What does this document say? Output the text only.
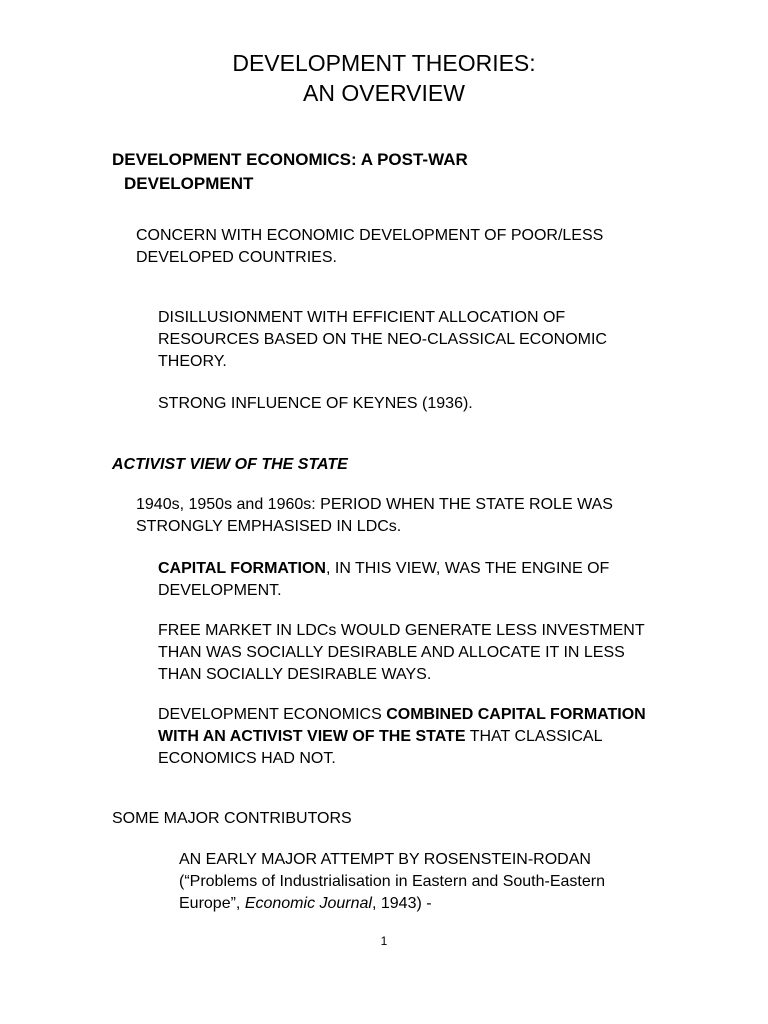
DEVELOPMENT THEORIES:
AN OVERVIEW
DEVELOPMENT ECONOMICS: A POST-WAR
DEVELOPMENT

CONCERN WITH ECONOMIC DEVELOPMENT OF POOR/LESS DEVELOPED COUNTRIES.

DISILLUSIONMENT WITH EFFICIENT ALLOCATION OF RESOURCES BASED ON THE NEO-CLASSICAL ECONOMIC THEORY.

STRONG INFLUENCE OF KEYNES (1936).

ACTIVIST VIEW OF THE STATE

1940s, 1950s and 1960s: PERIOD WHEN THE STATE ROLE WAS STRONGLY EMPHASISED IN LDCs.

CAPITAL FORMATION, IN THIS VIEW, WAS THE ENGINE OF DEVELOPMENT.

FREE MARKET IN LDCs WOULD GENERATE LESS INVESTMENT THAN WAS SOCIALLY DESIRABLE AND ALLOCATE IT IN LESS THAN SOCIALLY DESIRABLE WAYS.

DEVELOPMENT ECONOMICS COMBINED CAPITAL FORMATION WITH AN ACTIVIST VIEW OF THE STATE THAT CLASSICAL ECONOMICS HAD NOT.

SOME MAJOR CONTRIBUTORS
AN EARLY MAJOR ATTEMPT BY ROSENSTEIN-RODAN
(“Problems of Industrialisation in Eastern and South-Eastern
Europe”, Economic Journal, 1943) -
1
